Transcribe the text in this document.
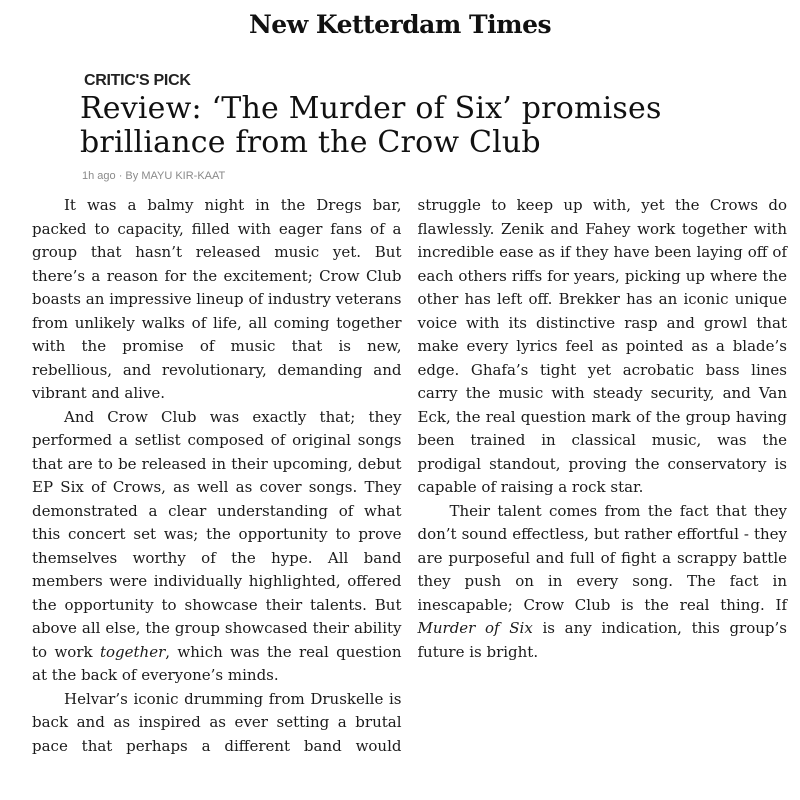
New Ketterdam Times
CRITIC'S PICK
Review: ‘The Murder of Six’ promises brilliance from the Crow Club
1h ago · By MAYU KIR-KAAT

It was a balmy night in the Dregs bar, packed to capacity, filled with eager fans of a group that hasn’t released music yet. But there’s a reason for the excitement; Crow Club boasts an impressive lineup of industry veterans from unlikely walks of life, all coming together with the promise of music that is new, rebellious, and revolutionary, demanding and vibrant and alive.

And Crow Club was exactly that; they performed a setlist composed of original songs that are to be released in their upcoming, debut EP Six of Crows, as well as cover songs. They demonstrated a clear understanding of what this concert set was; the opportunity to prove themselves worthy of the hype. All band members were individually highlighted, offered the opportunity to showcase their talents. But above all else, the group showcased their ability to work together, which was the real question at the back of everyone’s minds.

Helvar’s iconic drumming from Druskelle is back and as inspired as ever setting a brutal pace that perhaps a different band would struggle to keep up with, yet the Crows do flawlessly. Zenik and Fahey work together with incredible ease as if they have been laying off of each others riffs for years, picking up where the other has left off. Brekker has an iconic unique voice with its distinctive rasp and growl that make every lyrics feel as pointed as a blade’s edge. Ghafa’s tight yet acrobatic bass lines carry the music with steady security, and Van Eck, the real question mark of the group having been trained in classical music, was the prodigal standout, proving the conservatory is capable of raising a rock star.

Their talent comes from the fact that they don’t sound effectless, but rather effortful - they are purposeful and full of fight a scrappy battle they push on in every song. The fact in inescapable; Crow Club is the real thing. If Murder of Six is any indication, this group’s future is bright.
